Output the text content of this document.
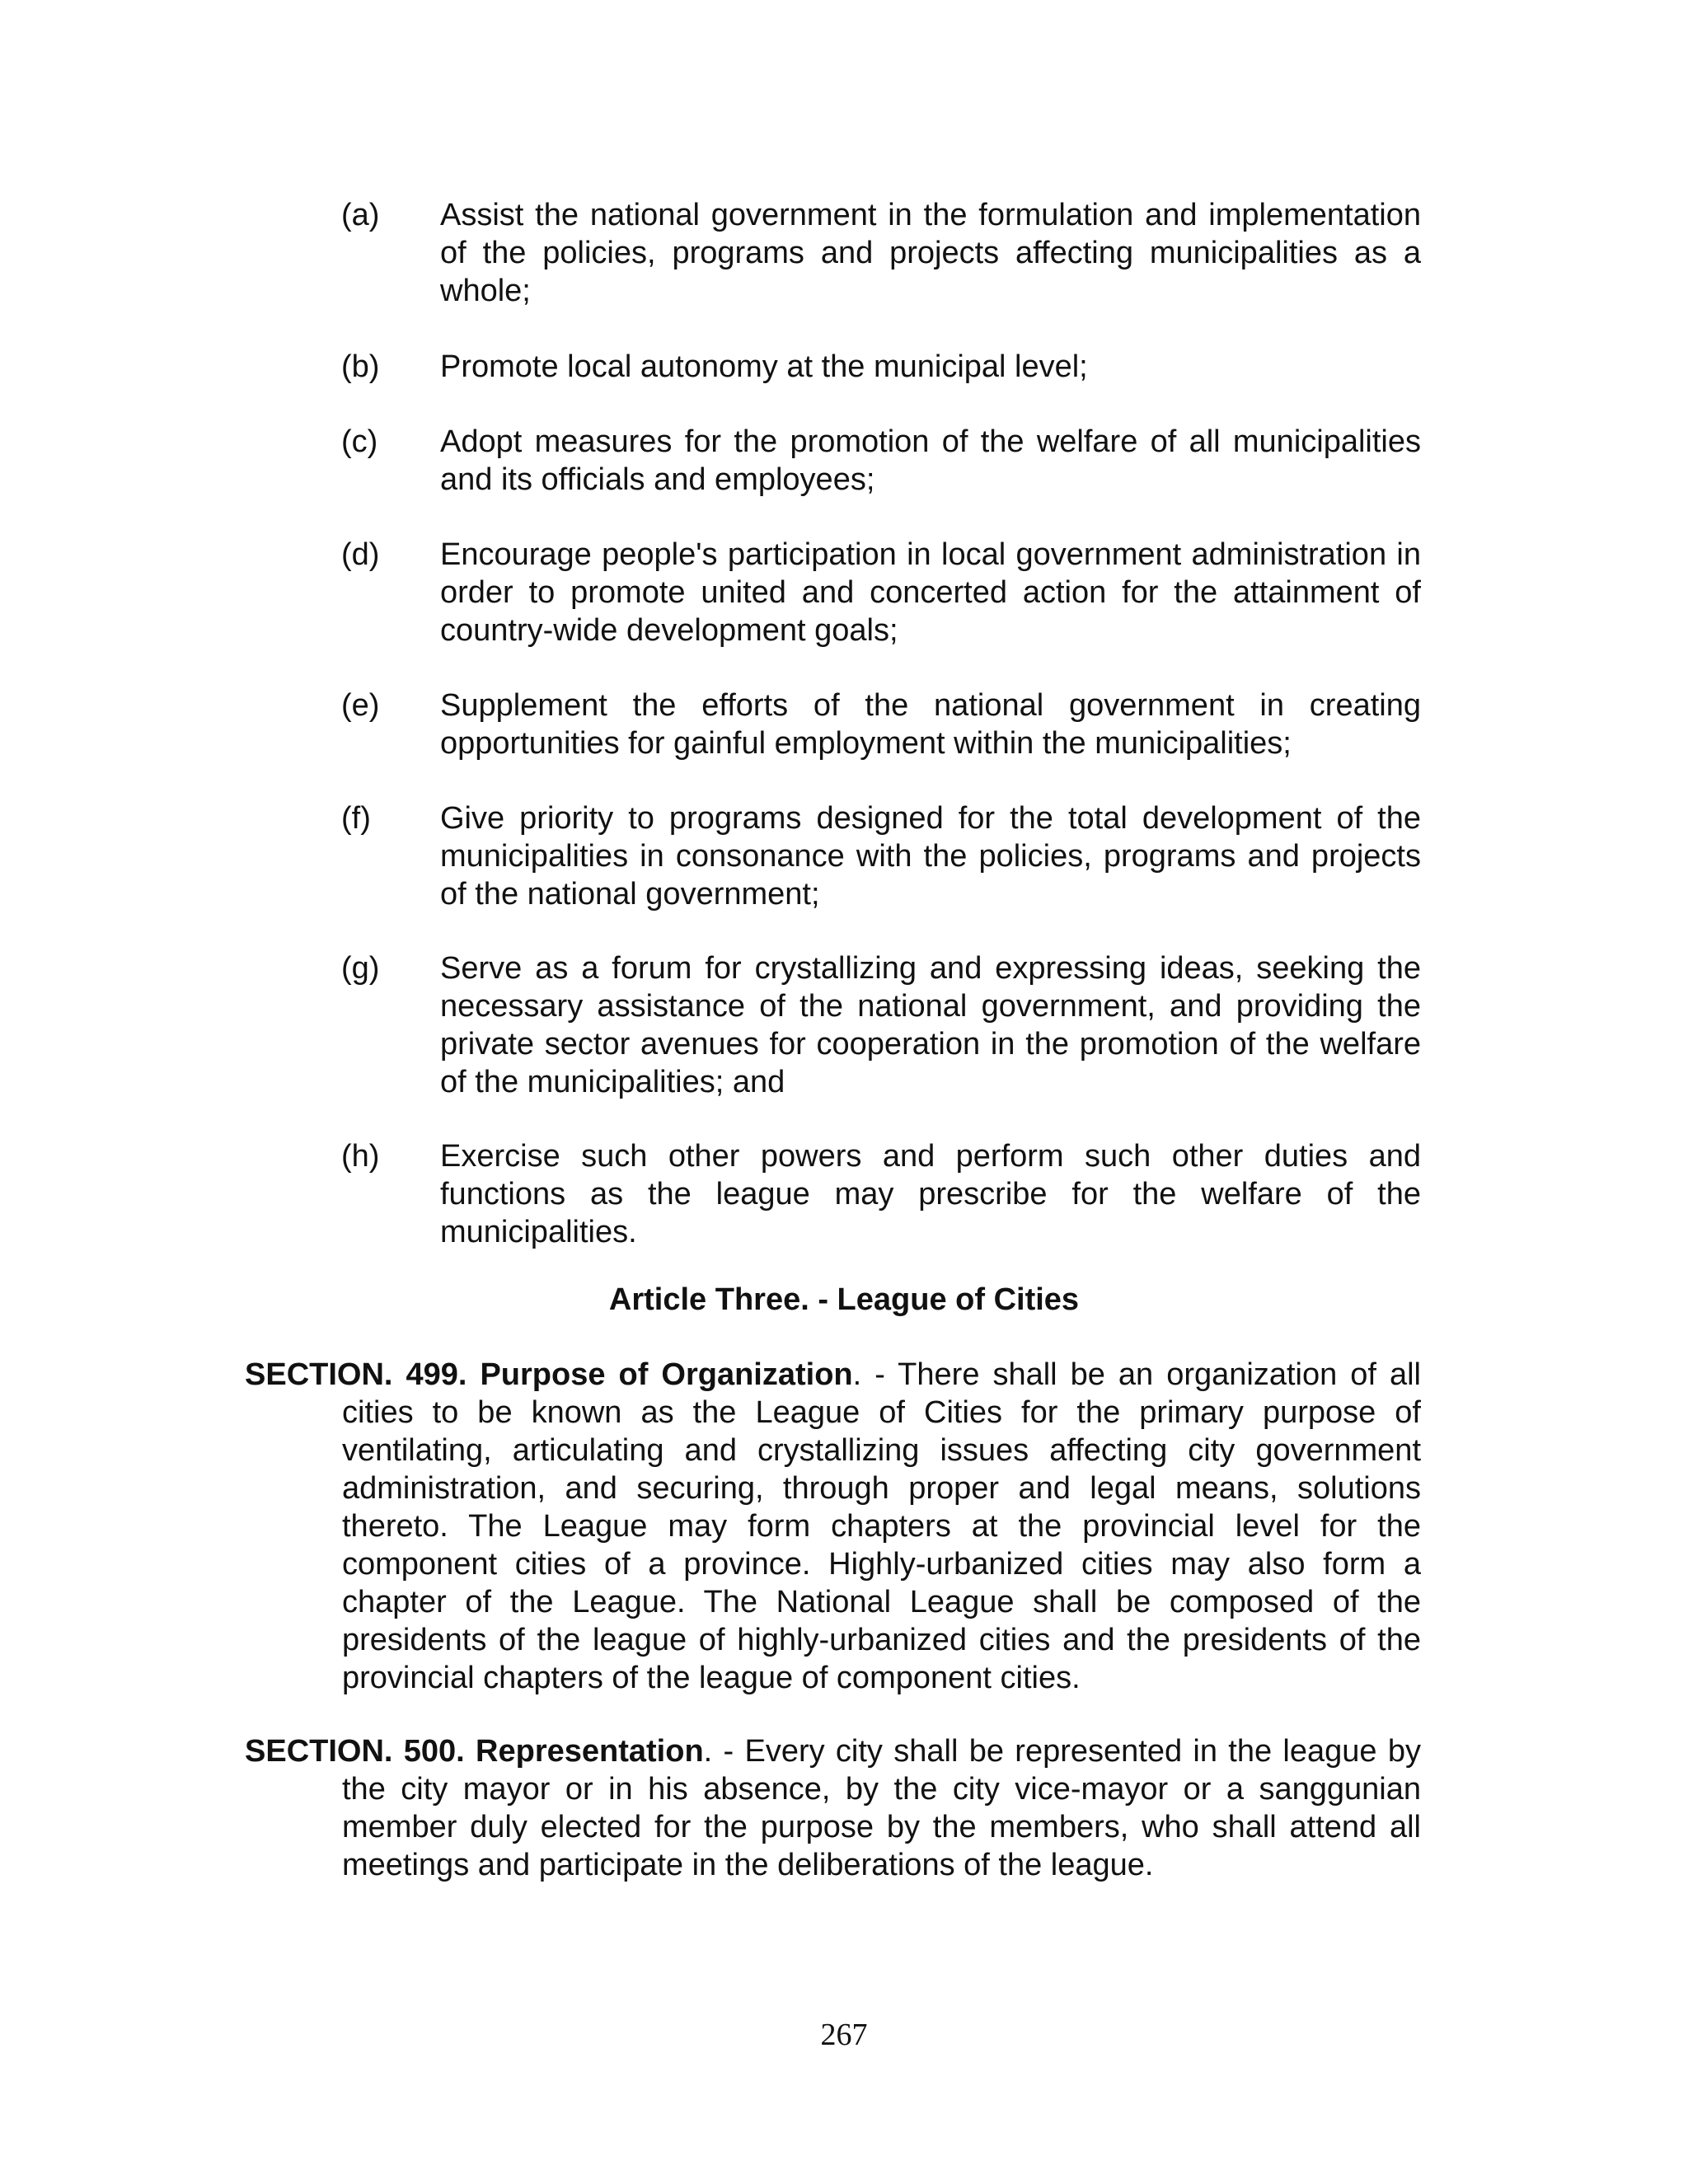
(a) Assist the national government in the formulation and implementation of the policies, programs and projects affecting municipalities as a whole;
(b) Promote local autonomy at the municipal level;
(c) Adopt measures for the promotion of the welfare of all municipalities and its officials and employees;
(d) Encourage people's participation in local government administration in order to promote united and concerted action for the attainment of country-wide development goals;
(e) Supplement the efforts of the national government in creating opportunities for gainful employment within the municipalities;
(f) Give priority to programs designed for the total development of the municipalities in consonance with the policies, programs and projects of the national government;
(g) Serve as a forum for crystallizing and expressing ideas, seeking the necessary assistance of the national government, and providing the private sector avenues for cooperation in the promotion of the welfare of the municipalities; and
(h) Exercise such other powers and perform such other duties and functions as the league may prescribe for the welfare of the municipalities.
Article Three. - League of Cities
SECTION. 499. Purpose of Organization. - There shall be an organization of all cities to be known as the League of Cities for the primary purpose of ventilating, articulating and crystallizing issues affecting city government administration, and securing, through proper and legal means, solutions thereto. The League may form chapters at the provincial level for the component cities of a province. Highly-urbanized cities may also form a chapter of the League. The National League shall be composed of the presidents of the league of highly-urbanized cities and the presidents of the provincial chapters of the league of component cities.
SECTION. 500. Representation. - Every city shall be represented in the league by the city mayor or in his absence, by the city vice-mayor or a sanggunian member duly elected for the purpose by the members, who shall attend all meetings and participate in the deliberations of the league.
267
